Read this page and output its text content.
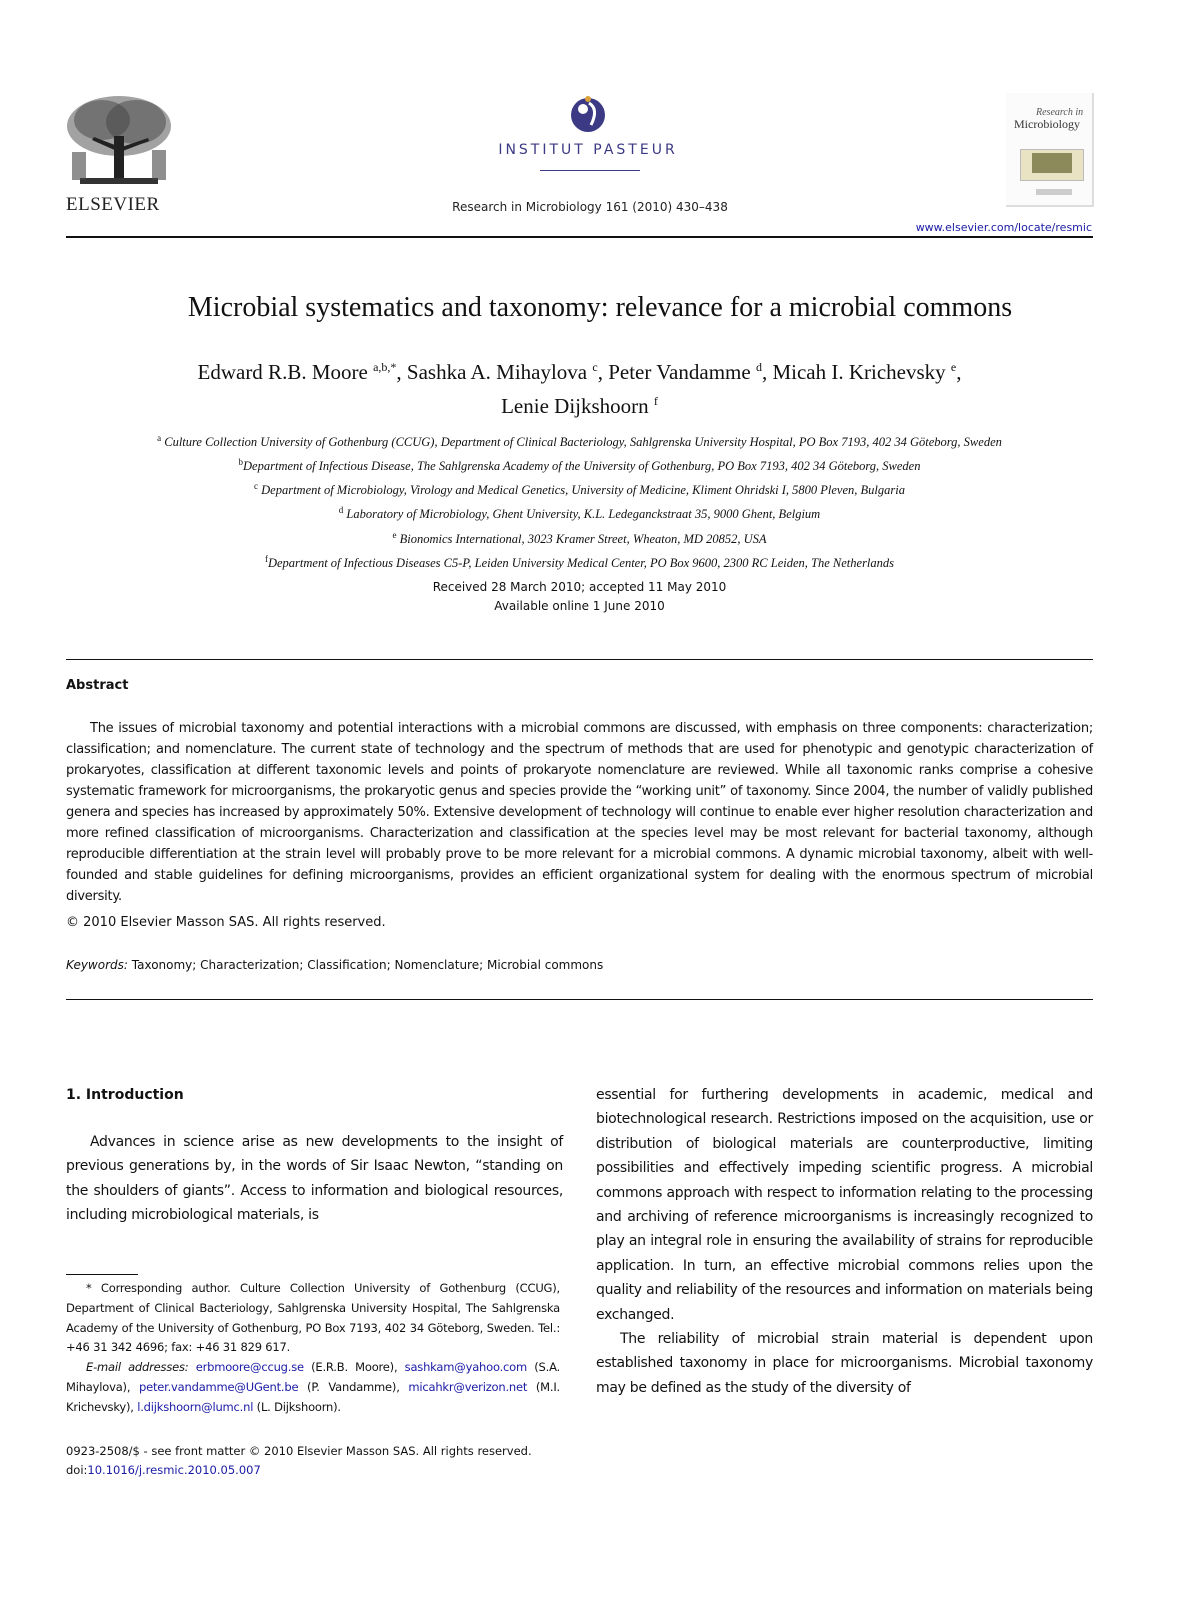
ELSEVIER
INSTITUT PASTEUR
Research in Microbiology 161 (2010) 430–438
Research in
Microbiology
www.elsevier.com/locate/resmic
Microbial systematics and taxonomy: relevance for a microbial commons
Edward R.B. Moore $^{a,b,*}$, Sashka A. Mihaylova $^c$, Peter Vandamme $^d$, Micah I. Krichevsky $^e$,
Lenie Dijkshoorn $^f$
$^a$ Culture Collection University of Gothenburg (CCUG), Department of Clinical Bacteriology, Sahlgrenska University Hospital, PO Box 7193, 402 34 Göteborg, Sweden
$^b$Department of Infectious Disease, The Sahlgrenska Academy of the University of Gothenburg, PO Box 7193, 402 34 Göteborg, Sweden
$^c$ Department of Microbiology, Virology and Medical Genetics, University of Medicine, Kliment Ohridski I, 5800 Pleven, Bulgaria
$^d$ Laboratory of Microbiology, Ghent University, K.L. Ledeganckstraat 35, 9000 Ghent, Belgium
$^e$ Bionomics International, 3023 Kramer Street, Wheaton, MD 20852, USA
$^f$Department of Infectious Diseases C5-P, Leiden University Medical Center, PO Box 9600, 2300 RC Leiden, The Netherlands
Received 28 March 2010; accepted 11 May 2010
Available online 1 June 2010
Abstract
The issues of microbial taxonomy and potential interactions with a microbial commons are discussed, with emphasis on three components: characterization; classification; and nomenclature. The current state of technology and the spectrum of methods that are used for phenotypic and genotypic characterization of prokaryotes, classification at different taxonomic levels and points of prokaryote nomenclature are reviewed. While all taxonomic ranks comprise a cohesive systematic framework for microorganisms, the prokaryotic genus and species provide the “working unit” of taxonomy. Since 2004, the number of validly published genera and species has increased by approximately 50%. Extensive development of technology will continue to enable ever higher resolution characterization and more refined classification of microorganisms. Characterization and classification at the species level may be most relevant for bacterial taxonomy, although reproducible differentiation at the strain level will probably prove to be more relevant for a microbial commons. A dynamic microbial taxonomy, albeit with well-founded and stable guidelines for defining microorganisms, provides an efficient organizational system for dealing with the enormous spectrum of microbial diversity.
© 2010 Elsevier Masson SAS. All rights reserved.
Keywords: Taxonomy; Characterization; Classification; Nomenclature; Microbial commons
1. Introduction

Advances in science arise as new developments to the insight of previous generations by, in the words of Sir Isaac Newton, “standing on the shoulders of giants”. Access to information and biological resources, including microbiological materials, is

* Corresponding author. Culture Collection University of Gothenburg (CCUG), Department of Clinical Bacteriology, Sahlgrenska University Hospital, The Sahlgrenska Academy of the University of Gothenburg, PO Box 7193, 402 34 Göteborg, Sweden. Tel.: +46 31 342 4696; fax: +46 31 829 617.

E-mail addresses: erbmoore@ccug.se (E.R.B. Moore), sashkam@yahoo.com (S.A. Mihaylova), peter.vandamme@UGent.be (P. Vandamme), micahkr@verizon.net (M.I. Krichevsky), l.dijkshoorn@lumc.nl (L. Dijkshoorn).

essential for furthering developments in academic, medical and biotechnological research. Restrictions imposed on the acquisition, use or distribution of biological materials are counterproductive, limiting possibilities and effectively impeding scientific progress. A microbial commons approach with respect to information relating to the processing and archiving of reference microorganisms is increasingly recognized to play an integral role in ensuring the availability of strains for reproducible application. In turn, an effective microbial commons relies upon the quality and reliability of the resources and information on materials being exchanged.

The reliability of microbial strain material is dependent upon established taxonomy in place for microorganisms. Microbial taxonomy may be defined as the study of the diversity of

0923-2508/$ - see front matter © 2010 Elsevier Masson SAS. All rights reserved.
doi:10.1016/j.resmic.2010.05.007
